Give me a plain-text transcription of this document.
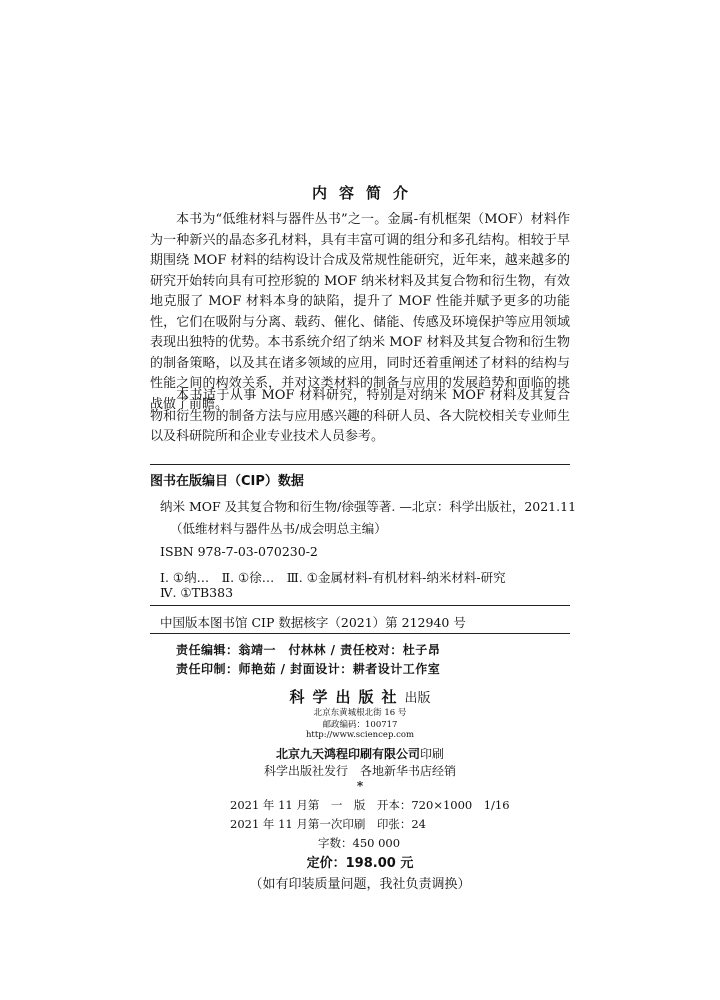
内容简介

本书为“低维材料与器件丛书”之一。金属-有机框架（MOF）材料作为一种新兴的晶态多孔材料，具有丰富可调的组分和多孔结构。相较于早期围绕 MOF 材料的结构设计合成及常规性能研究，近年来，越来越多的研究开始转向具有可控形貌的 MOF 纳米材料及其复合物和衍生物，有效地克服了 MOF 材料本身的缺陷，提升了 MOF 性能并赋予更多的功能性，它们在吸附与分离、载药、催化、储能、传感及环境保护等应用领域表现出独特的优势。本书系统介绍了纳米 MOF 材料及其复合物和衍生物的制备策略，以及其在诸多领域的应用，同时还着重阐述了材料的结构与性能之间的构效关系，并对这类材料的制备与应用的发展趋势和面临的挑战做了前瞻。

本书适于从事 MOF 材料研究，特别是对纳米 MOF 材料及其复合物和衍生物的制备方法与应用感兴趣的科研人员、各大院校相关专业师生以及科研院所和企业专业技术人员参考。

图书在版编目（CIP）数据
纳米 MOF 及其复合物和衍生物/徐强等著. —北京：科学出版社，2021.11
（低维材料与器件丛书/成会明总主编）
ISBN 978-7-03-070230-2
Ⅰ. ①纳…　Ⅱ. ①徐…　Ⅲ. ①金属材料-有机材料-纳米材料-研究
Ⅳ. ①TB383
中国版本图书馆 CIP 数据核字（2021）第 212940 号
责任编辑：翁靖一　付林林 / 责任校对：杜子昂
责任印制：师艳茹 / 封面设计：耕者设计工作室
科学出版社出版
北京东黄城根北街 16 号
邮政编码：100717
http://www.sciencep.com
北京九天鸿程印刷有限公司印刷
科学出版社发行　各地新华书店经销
*
2021 年 11 月第　一　版　开本：720×1000　1/16
2021 年 11 月第一次印刷　印张：24
字数：450 000
定价：198.00 元
（如有印装质量问题，我社负责调换）
